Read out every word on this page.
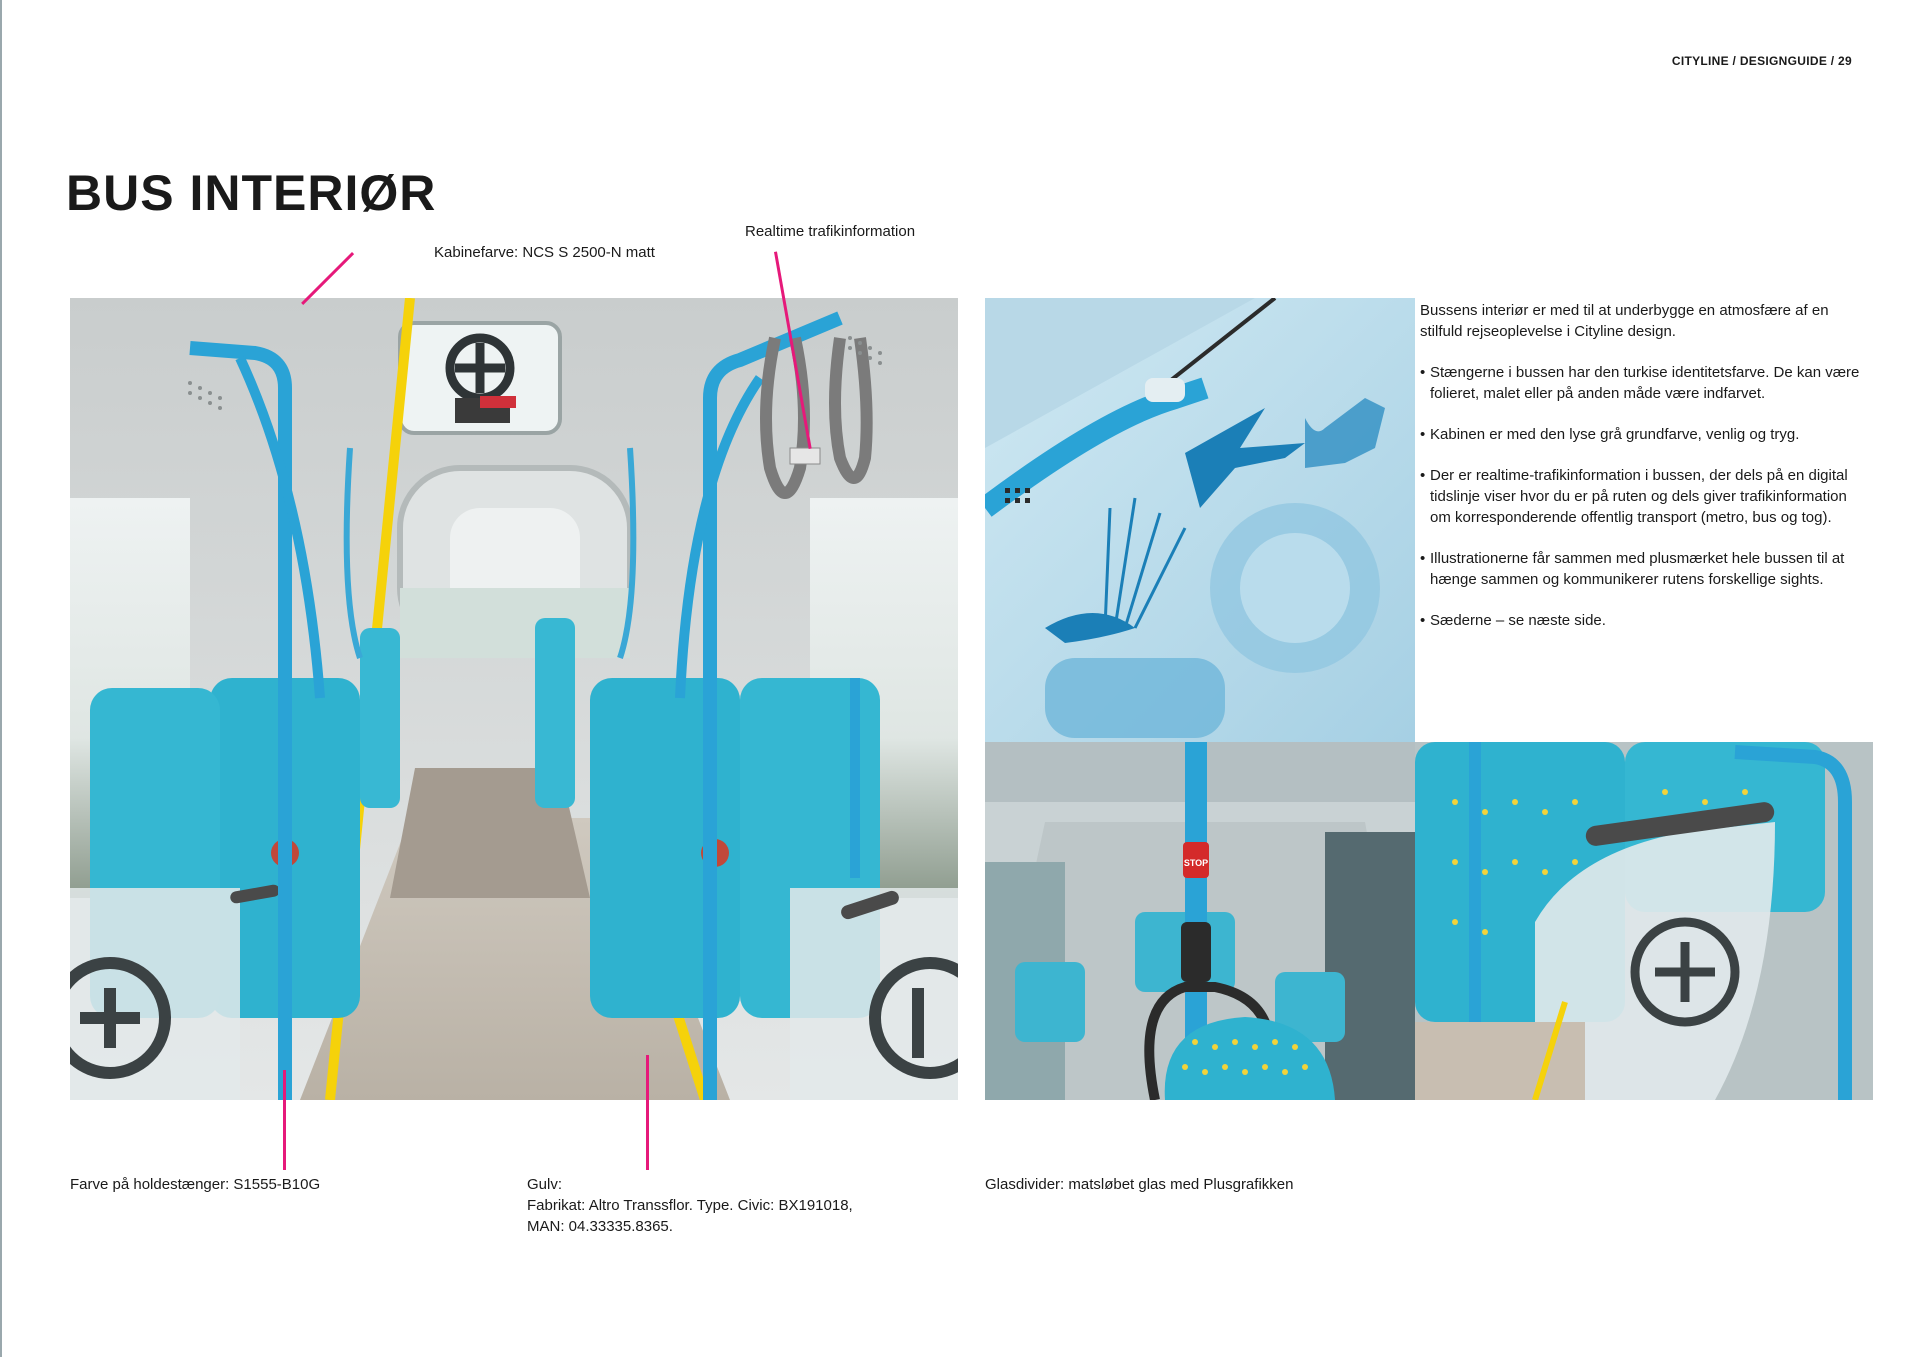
CITYLINE / DESIGNGUIDE / 29
BUS INTERIØR
Kabinefarve: NCS S 2500-N matt
Realtime trafikinformation
STOP
Farve på holdestænger: S1555-B10G	Gulv:
Fabrikat: Altro Transsflor. Type. Civic: BX191018,
MAN: 04.33335.8365.
Glasdivider: matsløbet glas med Plusgrafikken

Bussens interiør er med til at underbygge en atmosfære af en stilfuld rejseoplevelse i Cityline design.

• Stængerne i bussen har den turkise identitetsfarve. De kan være folieret, malet eller på anden måde være indfarvet.
• Kabinen er med den lyse grå grundfarve, venlig og tryg.
• Der er realtime-trafikinformation i bussen, der dels på en digital tidslinje viser hvor du er på ruten og dels giver trafikinformation om korresponderende offentlig transport (metro, bus og tog).
• Illustrationerne får sammen med plusmærket hele bussen til at hænge sammen og kommunikerer rutens forskellige sights.
• Sæderne – se næste side.
